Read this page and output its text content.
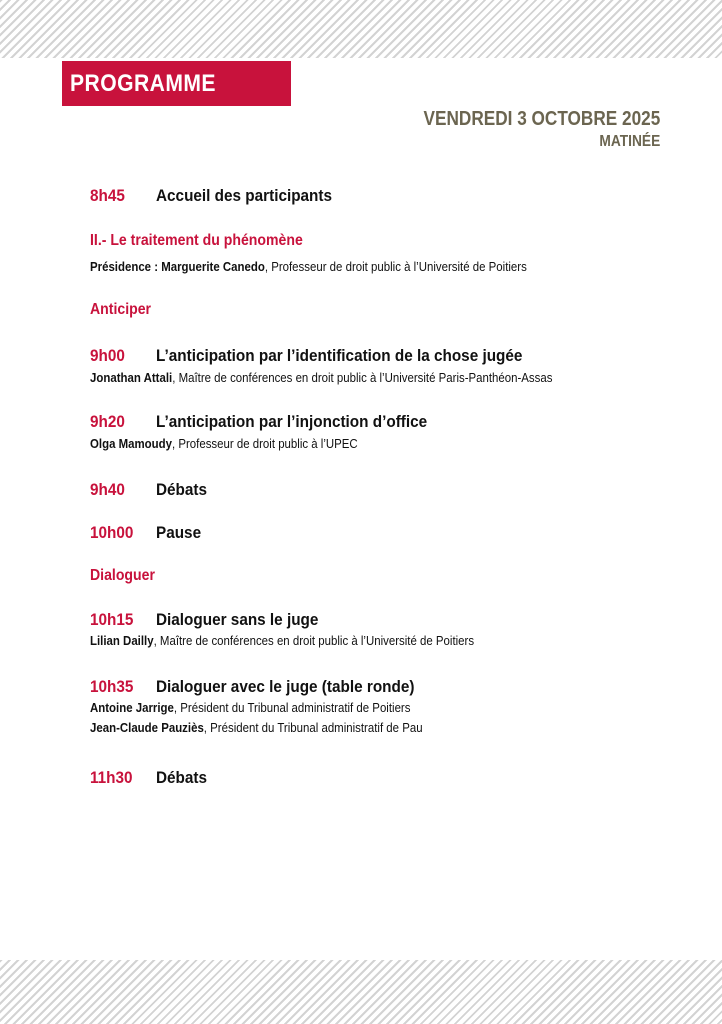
PROGRAMME
VENDREDI 3 OCTOBRE 2025
MATINÉE
8h45 Accueil des participants
II.- Le traitement du phénomène
Présidence : Marguerite Canedo, Professeur de droit public à l’Université de Poitiers
Anticiper
9h00 L’anticipation par l’identification de la chose jugée
Jonathan Attali, Maître de conférences en droit public à l’Université Paris-Panthéon-Assas
9h20 L’anticipation par l’injonction d’office
Olga Mamoudy, Professeur de droit public à l’UPEC
9h40 Débats
10h00 Pause
Dialoguer
10h15 Dialoguer sans le juge
Lilian Dailly, Maître de conférences en droit public à l’Université de Poitiers
10h35 Dialoguer avec le juge (table ronde)
Antoine Jarrige, Président du Tribunal administratif de Poitiers
Jean-Claude Pauziès, Président du Tribunal administratif de Pau
11h30 Débats
